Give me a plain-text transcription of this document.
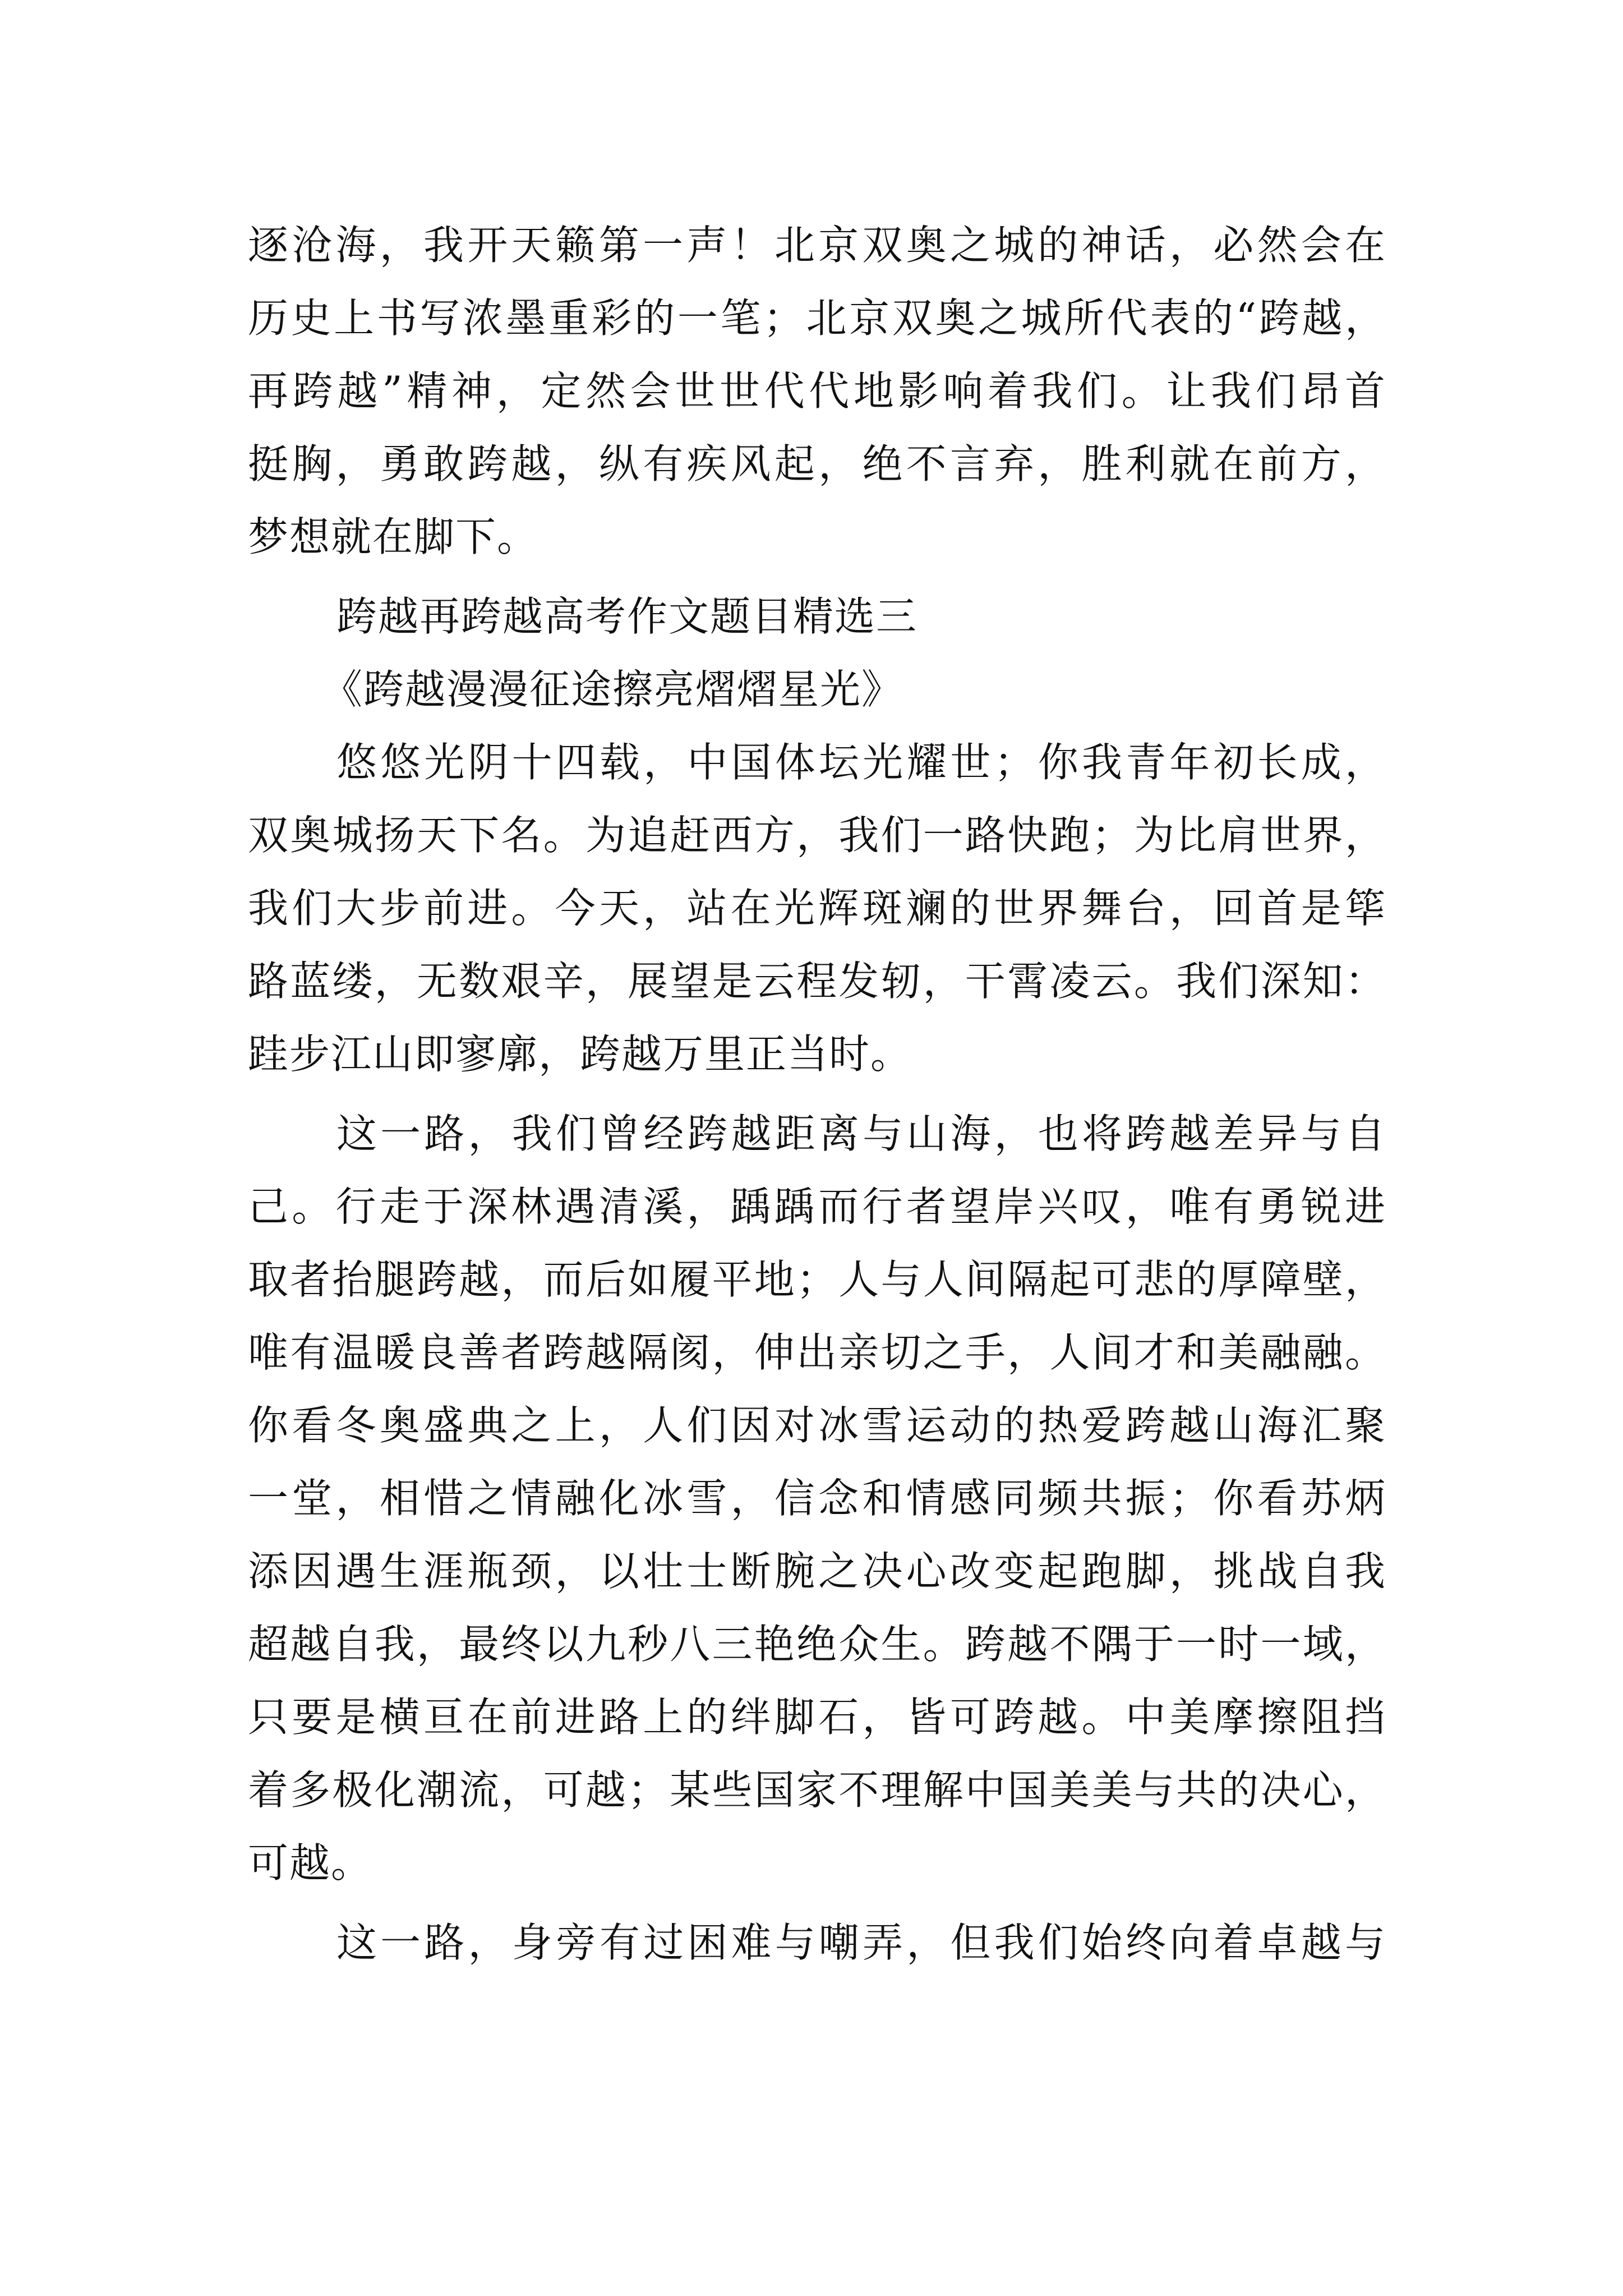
逐沧海，我开天籁第一声！北京双奥之城的神话，必然会在
历史上书写浓墨重彩的一笔；北京双奥之城所代表的“跨越，
再跨越”精神，定然会世世代代地影响着我们。让我们昂首
挺胸，勇敢跨越，纵有疾风起，绝不言弃，胜利就在前方，
梦想就在脚下。
跨越再跨越高考作文题目精选三
《跨越漫漫征途擦亮熠熠星光》
悠悠光阴十四载，中国体坛光耀世；你我青年初长成，
双奥城扬天下名。为追赶西方，我们一路快跑；为比肩世界，
我们大步前进。今天，站在光辉斑斓的世界舞台，回首是筚
路蓝缕，无数艰辛，展望是云程发轫，干霄凌云。我们深知：
跬步江山即寥廓，跨越万里正当时。
这一路，我们曾经跨越距离与山海，也将跨越差异与自
己。行走于深林遇清溪，踽踽而行者望岸兴叹，唯有勇锐进
取者抬腿跨越，而后如履平地；人与人间隔起可悲的厚障壁，
唯有温暖良善者跨越隔阂，伸出亲切之手，人间才和美融融。
你看冬奥盛典之上，人们因对冰雪运动的热爱跨越山海汇聚
一堂，相惜之情融化冰雪，信念和情感同频共振；你看苏炳
添因遇生涯瓶颈，以壮士断腕之决心改变起跑脚，挑战自我
超越自我，最终以九秒八三艳绝众生。跨越不隅于一时一域，
只要是横亘在前进路上的绊脚石，皆可跨越。中美摩擦阻挡
着多极化潮流，可越；某些国家不理解中国美美与共的决心，
可越。
这一路，身旁有过困难与嘲弄，但我们始终向着卓越与
